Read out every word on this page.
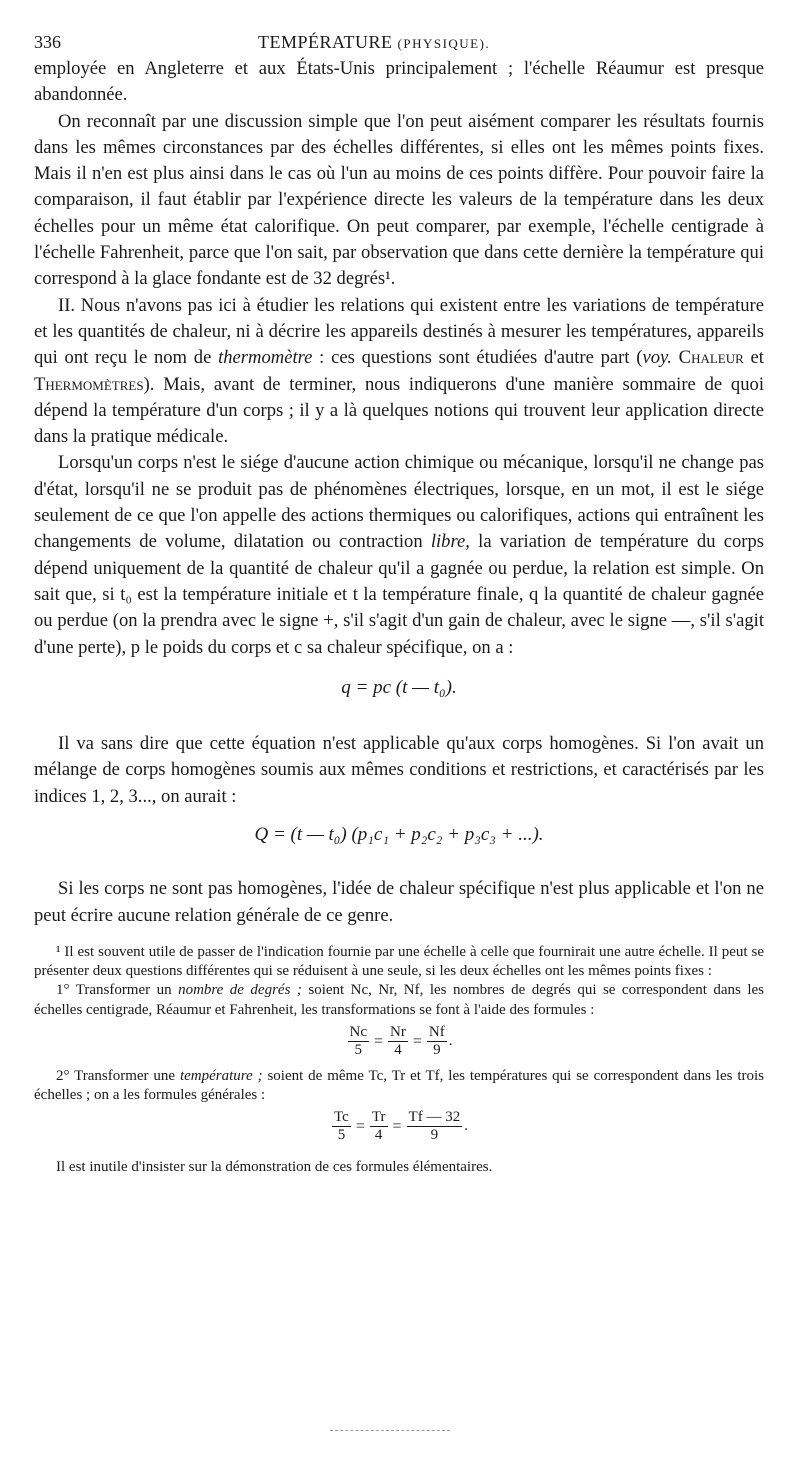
336	TEMPÉRATURE (PHYSIQUE).

employée en Angleterre et aux États-Unis principalement ; l'échelle Réaumur est presque abandonnée.

On reconnaît par une discussion simple que l'on peut aisément comparer les résultats fournis dans les mêmes circonstances par des échelles différentes, si elles ont les mêmes points fixes. Mais il n'en est plus ainsi dans le cas où l'un au moins de ces points diffère. Pour pouvoir faire la comparaison, il faut établir par l'expérience directe les valeurs de la température dans les deux échelles pour un même état calorifique. On peut comparer, par exemple, l'échelle centigrade à l'échelle Fahrenheit, parce que l'on sait, par observation que dans cette dernière la température qui correspond à la glace fondante est de 32 degrés¹.

II. Nous n'avons pas ici à étudier les relations qui existent entre les variations de température et les quantités de chaleur, ni à décrire les appareils destinés à mesurer les températures, appareils qui ont reçu le nom de thermomètre : ces questions sont étudiées d'autre part (voy. Chaleur et Thermomètres). Mais, avant de terminer, nous indiquerons d'une manière sommaire de quoi dépend la température d'un corps ; il y a là quelques notions qui trouvent leur application directe dans la pratique médicale.

Lorsqu'un corps n'est le siége d'aucune action chimique ou mécanique, lorsqu'il ne change pas d'état, lorsqu'il ne se produit pas de phénomènes électriques, lorsque, en un mot, il est le siége seulement de ce que l'on appelle des actions thermiques ou calorifiques, actions qui entraînent les changements de volume, dilatation ou contraction libre, la variation de température du corps dépend uniquement de la quantité de chaleur qu'il a gagnée ou perdue, la relation est simple. On sait que, si t₀ est la température initiale et t la température finale, q la quantité de chaleur gagnée ou perdue (on la prendra avec le signe +, s'il s'agit d'un gain de chaleur, avec le signe —, s'il s'agit d'une perte), p le poids du corps et c sa chaleur spécifique, on a :

q = pc (t — t₀).

Il va sans dire que cette équation n'est applicable qu'aux corps homogènes. Si l'on avait un mélange de corps homogènes soumis aux mêmes conditions et restrictions, et caractérisés par les indices 1, 2, 3..., on aurait :

Q = (t — t₀) (p₁c₁ + p₂c₂ + p₃c₃ + ...).

Si les corps ne sont pas homogènes, l'idée de chaleur spécifique n'est plus applicable et l'on ne peut écrire aucune relation générale de ce genre.

¹ Il est souvent utile de passer de l'indication fournie par une échelle à celle que fournirait une autre échelle. Il peut se présenter deux questions différentes qui se réduisent à une seule, si les deux échelles ont les mêmes points fixes :

1° Transformer un nombre de degrés ; soient Nc, Nr, Nf, les nombres de degrés qui se correspondent dans les échelles centigrade, Réaumur et Fahrenheit, les transformations se font à l'aide des formules :

$\frac{Nc}{5} = \frac{Nr}{4} = \frac{Nf}{9}$ .

2° Transformer une température ; soient de même Tc, Tr et Tf, les températures qui se correspondent dans les trois échelles ; on a les formules générales :

$\frac{Tc}{5} = \frac{Tr}{4} = \frac{Tf — 32}{9}$ .

Il est inutile d'insister sur la démonstration de ces formules élémentaires.
